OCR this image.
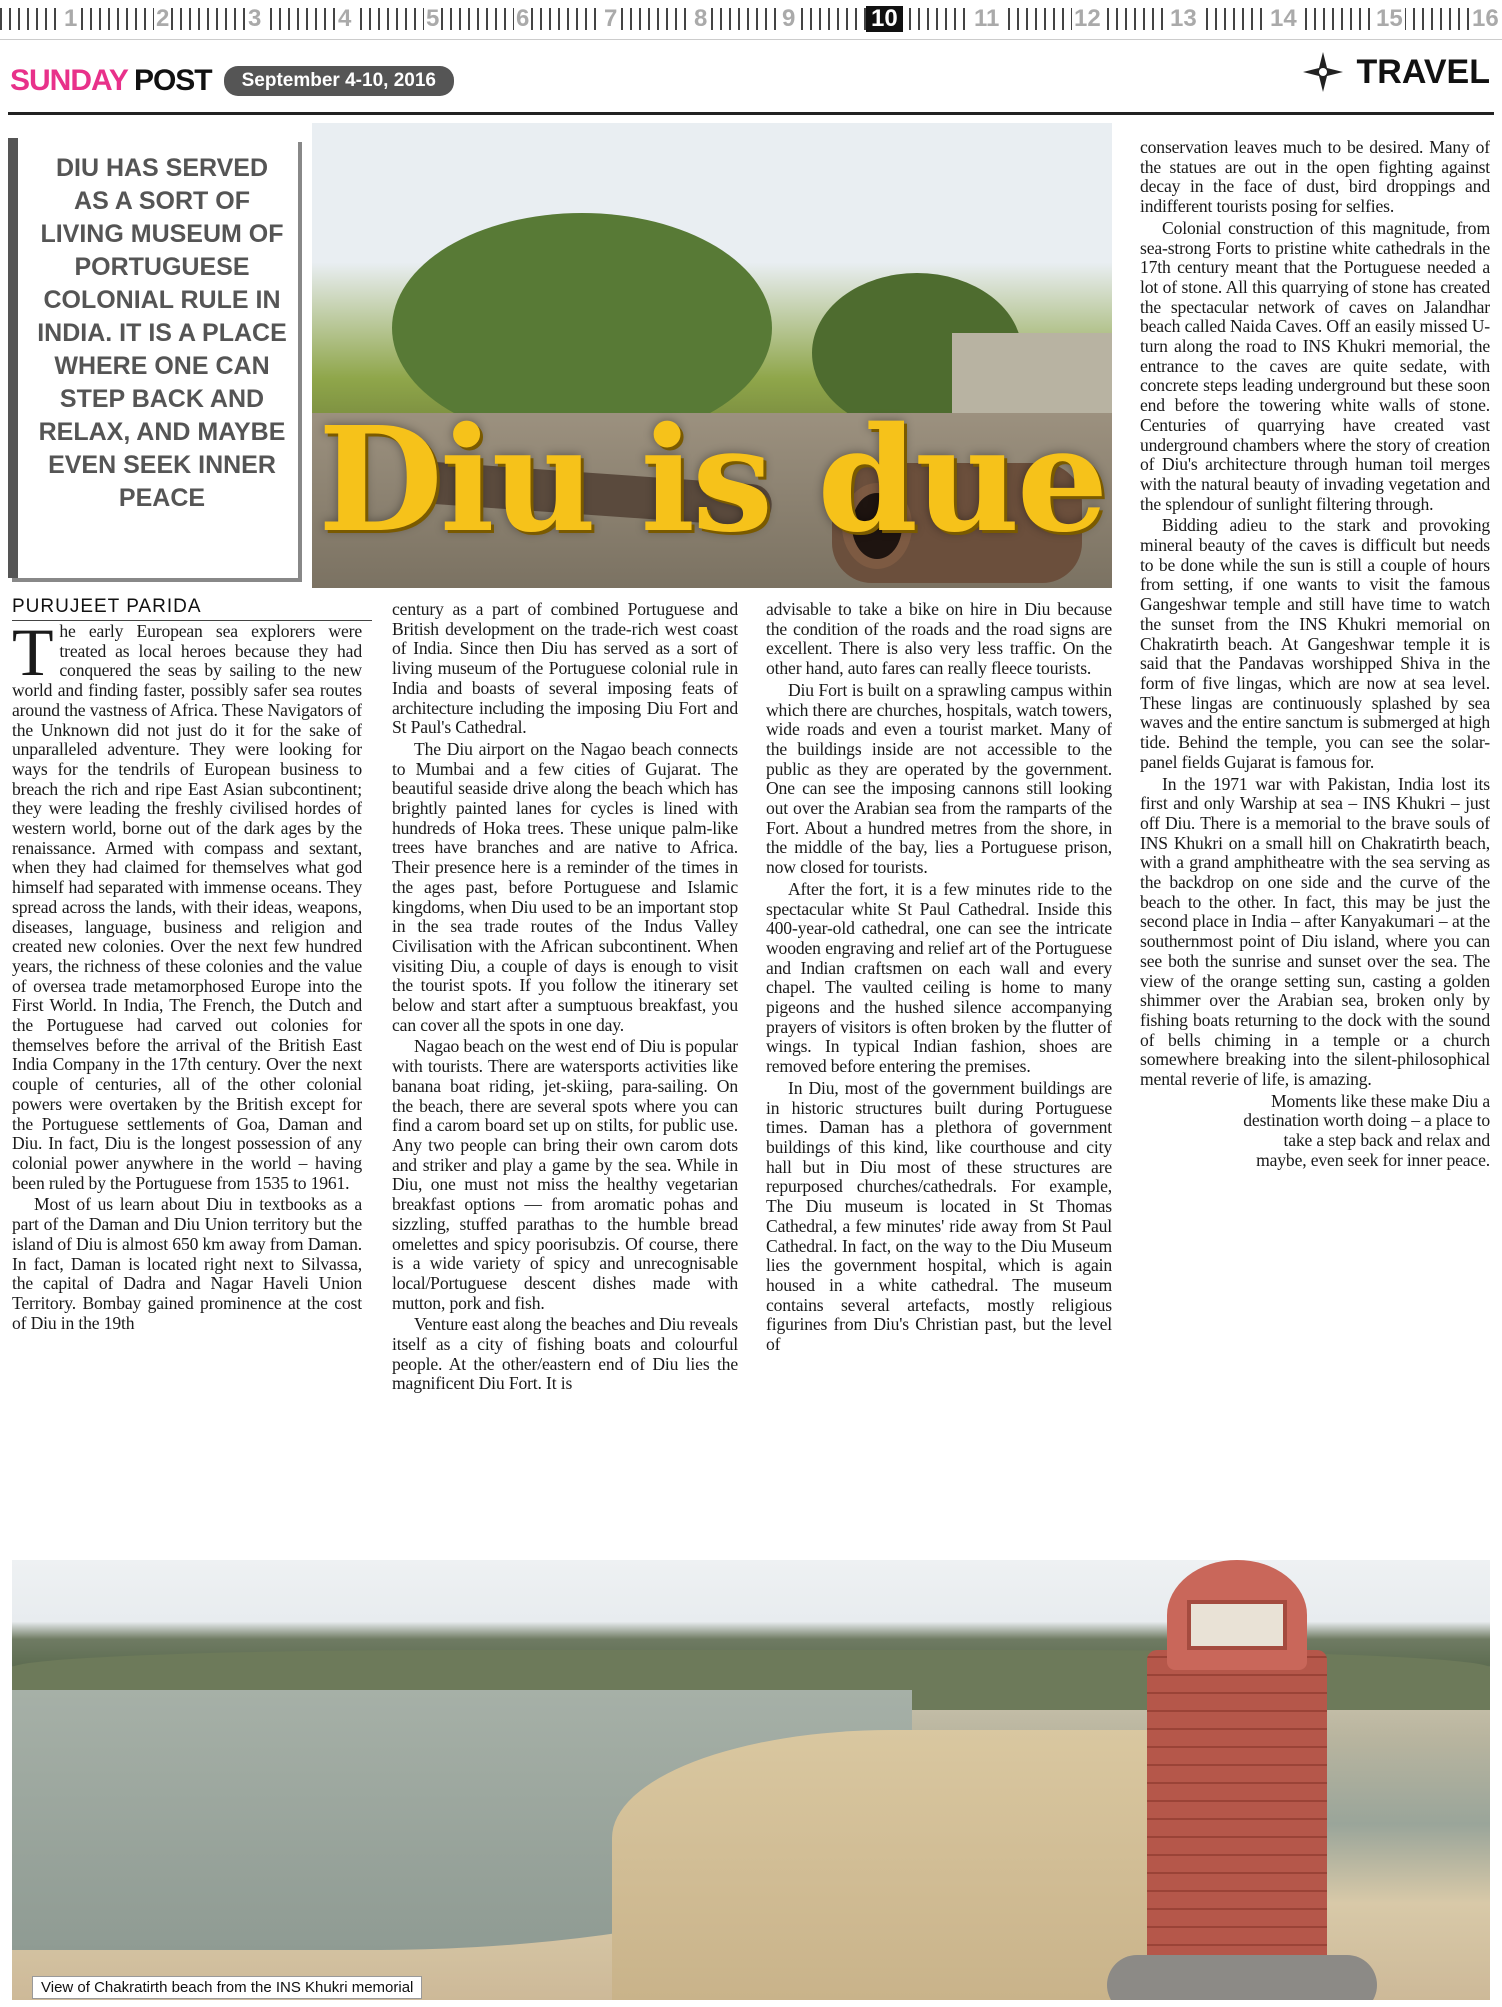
1	2	3	4	5	6	7	8	9	10	11	12	13	14	15	16
SUNDAY POST	September 4-10, 2016	TRAVEL
DIU HAS SERVED AS A SORT OF LIVING MUSEUM OF PORTUGUESE COLONIAL RULE IN INDIA. IT IS A PLACE WHERE ONE CAN STEP BACK AND RELAX, AND MAYBE EVEN SEEK INNER PEACE Diu is due
PURUJEET PARIDA

The early European sea explorers were treated as local heroes because they had conquered the seas by sailing to the new world and finding faster, possibly safer sea routes around the vastness of Africa. These Navigators of the Unknown did not just do it for the sake of unparalleled adventure. They were looking for ways for the tendrils of European business to breach the rich and ripe East Asian subcontinent; they were leading the freshly civilised hordes of western world, borne out of the dark ages by the renaissance. Armed with compass and sextant, when they had claimed for themselves what god himself had separated with immense oceans. They spread across the lands, with their ideas, weapons, diseases, language, business and religion and created new colonies. Over the next few hundred years, the richness of these colonies and the value of oversea trade metamorphosed Europe into the First World. In India, The French, the Dutch and the Portuguese had carved out colonies for themselves before the arrival of the British East India Company in the 17th century. Over the next couple of centuries, all of the other colonial powers were overtaken by the British except for the Portuguese settlements of Goa, Daman and Diu. In fact, Diu is the longest possession of any colonial power anywhere in the world – having been ruled by the Portuguese from 1535 to 1961.

Most of us learn about Diu in textbooks as a part of the Daman and Diu Union territory but the island of Diu is almost 650 km away from Daman. In fact, Daman is located right next to Silvassa, the capital of Dadra and Nagar Haveli Union Territory. Bombay gained prominence at the cost of Diu in the 19th

century as a part of combined Portuguese and British development on the trade-rich west coast of India. Since then Diu has served as a sort of living museum of the Portuguese colonial rule in India and boasts of several imposing feats of architecture including the imposing Diu Fort and St Paul's Cathedral.

The Diu airport on the Nagao beach connects to Mumbai and a few cities of Gujarat. The beautiful seaside drive along the beach which has brightly painted lanes for cycles is lined with hundreds of Hoka trees. These unique palm-like trees have branches and are native to Africa. Their presence here is a reminder of the times in the ages past, before Portuguese and Islamic kingdoms, when Diu used to be an important stop in the sea trade routes of the Indus Valley Civilisation with the African subcontinent. When visiting Diu, a couple of days is enough to visit the tourist spots. If you follow the itinerary set below and start after a sumptuous breakfast, you can cover all the spots in one day.

Nagao beach on the west end of Diu is popular with tourists. There are watersports activities like banana boat riding, jet-skiing, para-sailing. On the beach, there are several spots where you can find a carom board set up on stilts, for public use. Any two people can bring their own carom dots and striker and play a game by the sea. While in Diu, one must not miss the healthy vegetarian breakfast options — from aromatic pohas and sizzling, stuffed parathas to the humble bread omelettes and spicy poorisubzis. Of course, there is a wide variety of spicy and unrecognisable local/Portuguese descent dishes made with mutton, pork and fish.

Venture east along the beaches and Diu reveals itself as a city of fishing boats and colourful people. At the other/eastern end of Diu lies the magnificent Diu Fort. It is

advisable to take a bike on hire in Diu because the condition of the roads and the road signs are excellent. There is also very less traffic. On the other hand, auto fares can really fleece tourists.

Diu Fort is built on a sprawling campus within which there are churches, hospitals, watch towers, wide roads and even a tourist market. Many of the buildings inside are not accessible to the public as they are operated by the government. One can see the imposing cannons still looking out over the Arabian sea from the ramparts of the Fort. About a hundred metres from the shore, in the middle of the bay, lies a Portuguese prison, now closed for tourists.

After the fort, it is a few minutes ride to the spectacular white St Paul Cathedral. Inside this 400-year-old cathedral, one can see the intricate wooden engraving and relief art of the Portuguese and Indian craftsmen on each wall and every chapel. The vaulted ceiling is home to many pigeons and the hushed silence accompanying prayers of visitors is often broken by the flutter of wings. In typical Indian fashion, shoes are removed before entering the premises.

In Diu, most of the government buildings are in historic structures built during Portuguese times. Daman has a plethora of government buildings of this kind, like courthouse and city hall but in Diu most of these structures are repurposed churches/cathedrals. For example, The Diu museum is located in St Thomas Cathedral, a few minutes' ride away from St Paul Cathedral. In fact, on the way to the Diu Museum lies the government hospital, which is again housed in a white cathedral. The museum contains several artefacts, mostly religious figurines from Diu's Christian past, but the level of

conservation leaves much to be desired. Many of the statues are out in the open fighting against decay in the face of dust, bird droppings and indifferent tourists posing for selfies.

Colonial construction of this magnitude, from sea-strong Forts to pristine white cathedrals in the 17th century meant that the Portuguese needed a lot of stone. All this quarrying of stone has created the spectacular network of caves on Jalandhar beach called Naida Caves. Off an easily missed U-turn along the road to INS Khukri memorial, the entrance to the caves are quite sedate, with concrete steps leading underground but these soon end before the towering white walls of stone. Centuries of quarrying have created vast underground chambers where the story of creation of Diu's architecture through human toil merges with the natural beauty of invading vegetation and the splendour of sunlight filtering through.

Bidding adieu to the stark and provoking mineral beauty of the caves is difficult but needs to be done while the sun is still a couple of hours from setting, if one wants to visit the famous Gangeshwar temple and still have time to watch the sunset from the INS Khukri memorial on Chakratirth beach. At Gangeshwar temple it is said that the Pandavas worshipped Shiva in the form of five lingas, which are now at sea level. These lingas are continuously splashed by sea waves and the entire sanctum is submerged at high tide. Behind the temple, you can see the solar-panel fields Gujarat is famous for.

In the 1971 war with Pakistan, India lost its first and only Warship at sea – INS Khukri – just off Diu. There is a memorial to the brave souls of INS Khukri on a small hill on Chakratirth beach, with a grand amphitheatre with the sea serving as the backdrop on one side and the curve of the beach to the other. In fact, this may be just the second place in India – after Kanyakumari – at the southernmost point of Diu island, where you can see both the sunrise and sunset over the sea. The view of the orange setting sun, casting a golden shimmer over the Arabian sea, broken only by fishing boats returning to the dock with the sound of bells chiming in a temple or a church somewhere breaking into the silent-philosophical mental reverie of life, is amazing.

Moments like these make Diu a destination worth doing – a place to take a step back and relax and maybe, even seek for inner peace.

View of Chakratirth beach from the INS Khukri memorial
